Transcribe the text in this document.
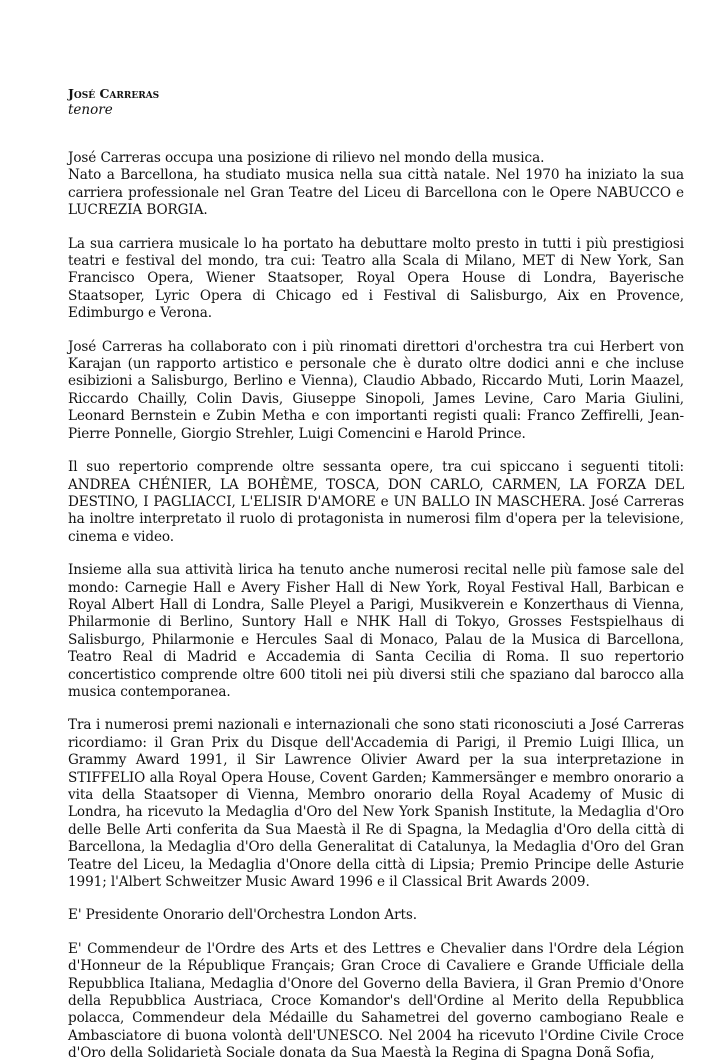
José Carreras

tenore

José Carreras occupa una posizione di rilievo nel mondo della musica.

Nato a Barcellona, ha studiato musica nella sua città natale. Nel 1970 ha iniziato la sua carriera professionale nel Gran Teatre del Liceu di Barcellona con le Opere NABUCCO e LUCREZIA BORGIA.

La sua carriera musicale lo ha portato ha debuttare molto presto in tutti i più prestigiosi teatri e festival del mondo, tra cui: Teatro alla Scala di Milano, MET di New York, San Francisco Opera, Wiener Staatsoper, Royal Opera House di Londra, Bayerische Staatsoper, Lyric Opera di Chicago ed i Festival di Salisburgo, Aix en Provence, Edimburgo e Verona.

José Carreras ha collaborato con i più rinomati direttori d'orchestra tra cui Herbert von Karajan (un rapporto artistico e personale che è durato oltre dodici anni e che incluse esibizioni a Salisburgo, Berlino e Vienna), Claudio Abbado, Riccardo Muti, Lorin Maazel, Riccardo Chailly, Colin Davis, Giuseppe Sinopoli, James Levine, Caro Maria Giulini, Leonard Bernstein e Zubin Metha e con importanti registi quali: Franco Zeffirelli, Jean-Pierre Ponnelle, Giorgio Strehler, Luigi Comencini e Harold Prince.

Il suo repertorio comprende oltre sessanta opere, tra cui spiccano i seguenti titoli: ANDREA CHÉNIER, LA BOHÈME, TOSCA, DON CARLO, CARMEN, LA FORZA DEL DESTINO, I PAGLIACCI, L'ELISIR D'AMORE e UN BALLO IN MASCHERA. José Carreras ha inoltre interpretato il ruolo di protagonista in numerosi film d'opera per la televisione, cinema e video.

Insieme alla sua attività lirica ha tenuto anche numerosi recital nelle più famose sale del mondo: Carnegie Hall e Avery Fisher Hall di New York, Royal Festival Hall, Barbican e Royal Albert Hall di Londra, Salle Pleyel a Parigi, Musikverein e Konzerthaus di Vienna, Philarmonie di Berlino, Suntory Hall e NHK Hall di Tokyo, Grosses Festspielhaus di Salisburgo, Philarmonie e Hercules Saal di Monaco, Palau de la Musica di Barcellona, Teatro Real di Madrid e Accademia di Santa Cecilia di Roma. Il suo repertorio concertistico comprende oltre 600 titoli nei più diversi stili che spaziano dal barocco alla musica contemporanea.

Tra i numerosi premi nazionali e internazionali che sono stati riconosciuti a José Carreras ricordiamo: il Gran Prix du Disque dell'Accademia di Parigi, il Premio Luigi Illica, un Grammy Award 1991, il Sir Lawrence Olivier Award per la sua interpretazione in STIFFELIO alla Royal Opera House, Covent Garden; Kammersänger e membro onorario a vita della Staatsoper di Vienna, Membro onorario della Royal Academy of Music di Londra, ha ricevuto la Medaglia d'Oro del New York Spanish Institute, la Medaglia d'Oro delle Belle Arti conferita da Sua Maestà il Re di Spagna, la Medaglia d'Oro della città di Barcellona, la Medaglia d'Oro della Generalitat di Catalunya, la Medaglia d'Oro del Gran Teatre del Liceu, la Medaglia d'Onore della città di Lipsia; Premio Principe delle Asturie 1991; l'Albert Schweitzer Music Award 1996 e il Classical Brit Awards 2009.

E' Presidente Onorario dell'Orchestra London Arts.

E' Commendeur de l'Ordre des Arts et des Lettres e Chevalier dans l'Ordre dela Légion d'Honneur de la République Français; Gran Croce di Cavaliere e Grande Ufficiale della Repubblica Italiana, Medaglia d'Onore del Governo della Baviera, il Gran Premio d'Onore della Repubblica Austriaca, Croce Komandor's dell'Ordine al Merito della Repubblica polacca, Commendeur dela Médaille du Sahametrei del governo cambogiano Reale e Ambasciatore di buona volontà dell'UNESCO. Nel 2004 ha ricevuto l'Ordine Civile Croce d'Oro della Solidarietà Sociale donata da Sua Maestà la Regina di Spagna Donã Sofia,
